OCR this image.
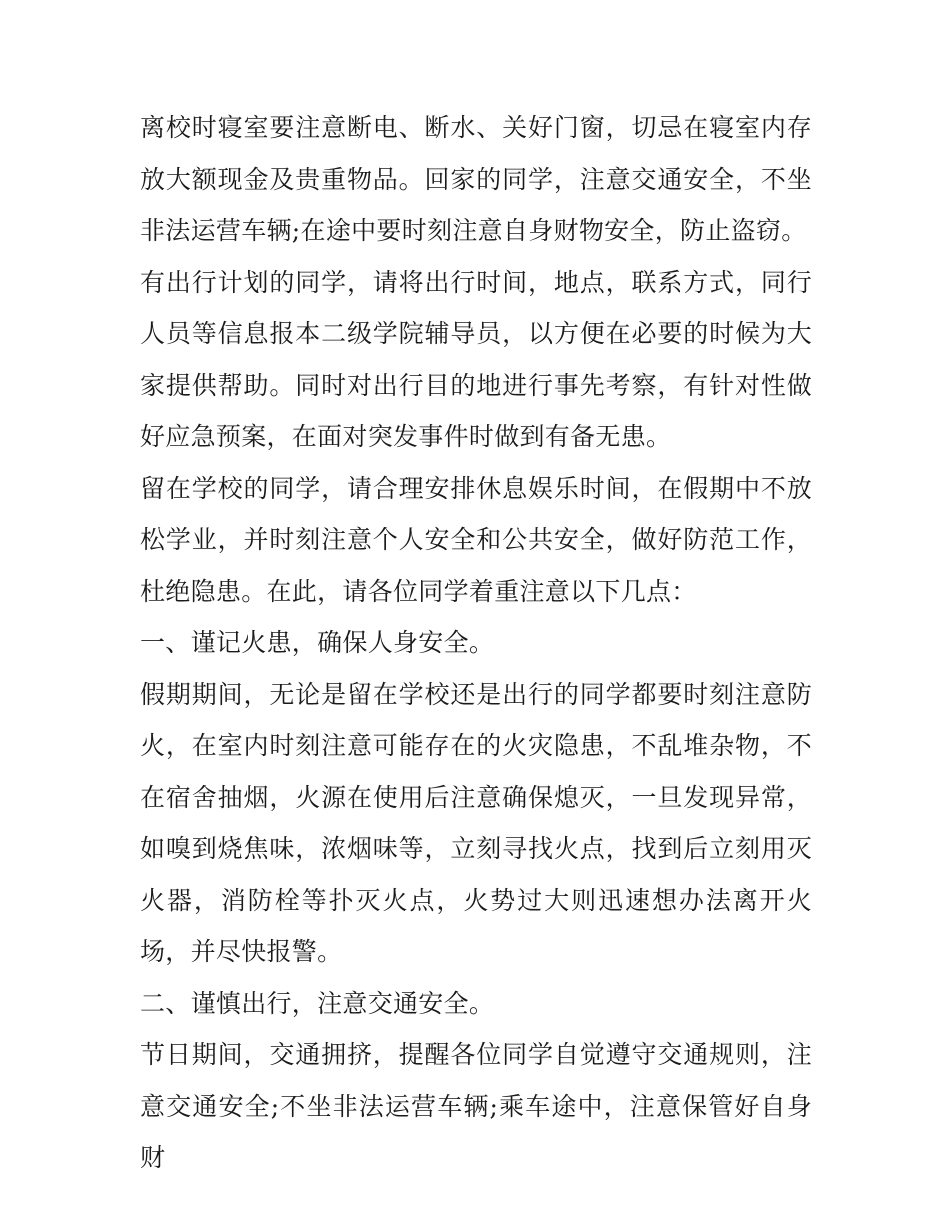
离校时寝室要注意断电、断水、关好门窗，切忌在寝室内存放大额现金及贵重物品。回家的同学，注意交通安全，不坐非法运营车辆;在途中要时刻注意自身财物安全，防止盗窃。

有出行计划的同学，请将出行时间，地点，联系方式，同行人员等信息报本二级学院辅导员，以方便在必要的时候为大家提供帮助。同时对出行目的地进行事先考察，有针对性做好应急预案，在面对突发事件时做到有备无患。

留在学校的同学，请合理安排休息娱乐时间，在假期中不放松学业，并时刻注意个人安全和公共安全，做好防范工作，杜绝隐患。在此，请各位同学着重注意以下几点：

一、谨记火患，确保人身安全。

假期期间，无论是留在学校还是出行的同学都要时刻注意防火，在室内时刻注意可能存在的火灾隐患，不乱堆杂物，不在宿舍抽烟，火源在使用后注意确保熄灭，一旦发现异常，如嗅到烧焦味，浓烟味等，立刻寻找火点，找到后立刻用灭火器，消防栓等扑灭火点，火势过大则迅速想办法离开火场，并尽快报警。

二、谨慎出行，注意交通安全。

节日期间，交通拥挤，提醒各位同学自觉遵守交通规则，注意交通安全;不坐非法运营车辆;乘车途中，注意保管好自身财
